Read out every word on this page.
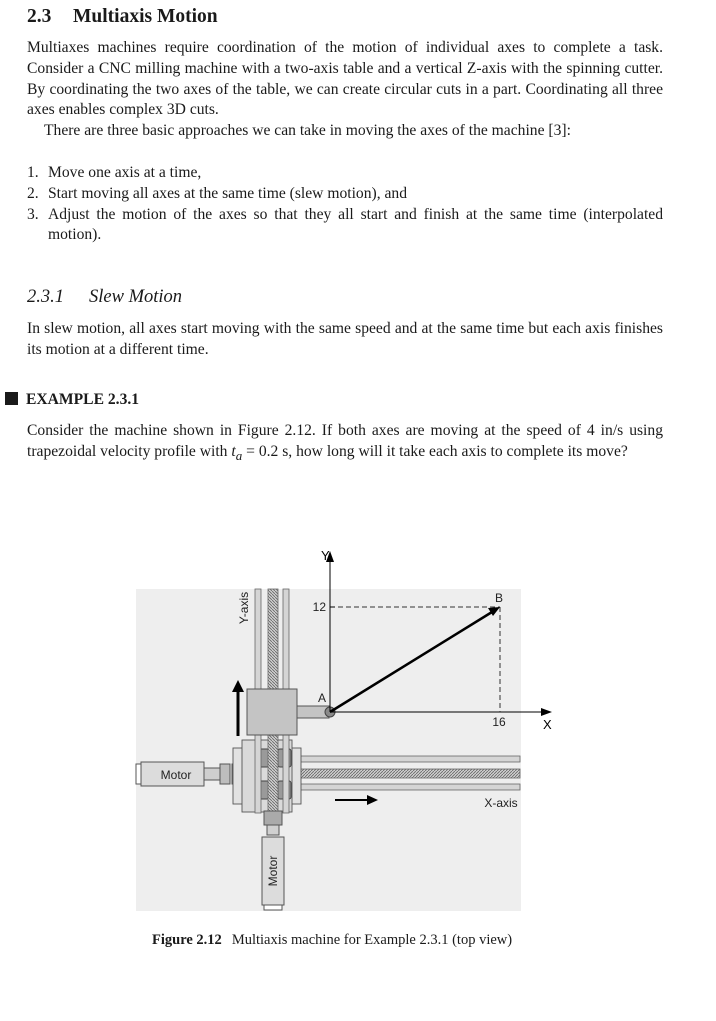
2.3 Multiaxis Motion

Multiaxes machines require coordination of the motion of individual axes to complete a task. Consider a CNC milling machine with a two-axis table and a vertical Z-axis with the spinning cutter. By coordinating the two axes of the table, we can create circular cuts in a part. Coordinating all three axes enables complex 3D cuts.

There are three basic approaches we can take in moving the axes of the machine [3]:

1. Move one axis at a time,
2. Start moving all axes at the same time (slew motion), and
3. Adjust the motion of the axes so that they all start and finish at the same time (interpolated motion).
2.3.1 Slew Motion

In slew motion, all axes start moving with the same speed and at the same time but each axis finishes its motion at a different time.

EXAMPLE 2.3.1

Consider the machine shown in Figure 2.12. If both axes are moving at the speed of 4 in/s using trapezoidal velocity profile with $t_a = 0.2$ s, how long will it take each axis to complete its move?

Motor
Motor
Y
X
12
16
A
B
Y-axis
X-axis
Figure 2.12 Multiaxis machine for Example 2.3.1 (top view)
